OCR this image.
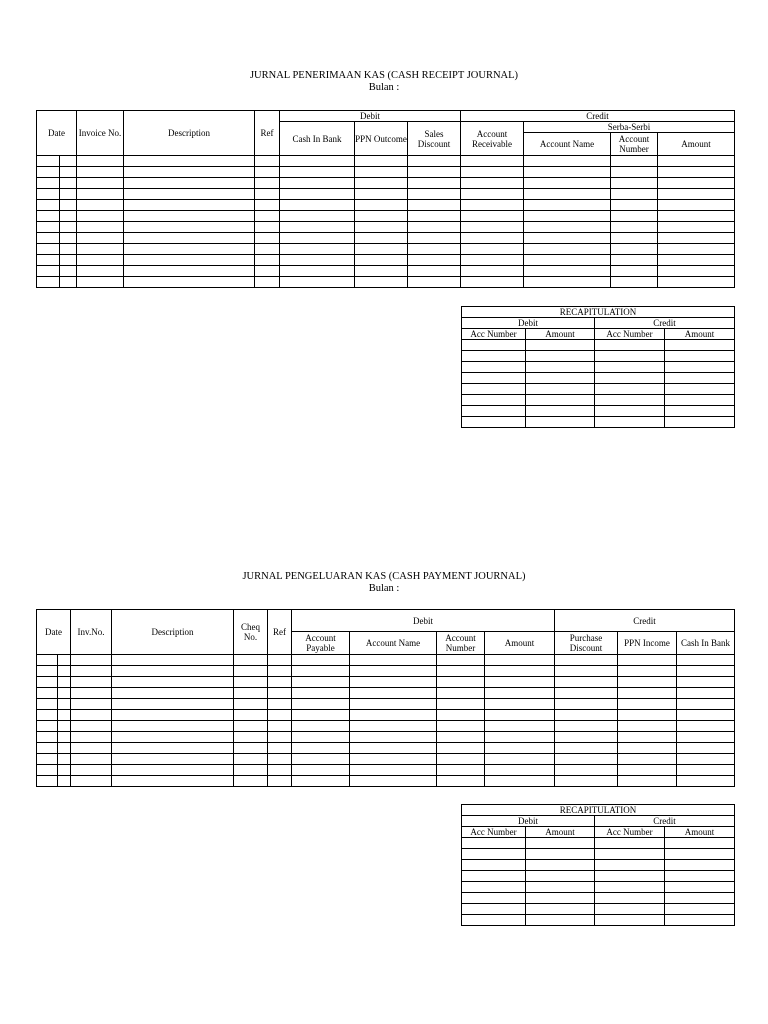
JURNAL PENERIMAAN KAS (CASH RECEIPT JOURNAL)
Bulan :
Date		Invoice No.	Description	Ref	Debit			Credit			
					Cash In Bank	PPN Outcome	Sales Discount	Account Receivable	Serba-Serbi		
									Account Name	Account Number	Amount

RECAPITULATION			
Debit		Credit	
Acc Number	Amount	Acc Number	Amount

JURNAL PENGELUARAN KAS (CASH PAYMENT JOURNAL)
Bulan :
Date		Inv.No.	Description	Cheq No.	Ref	Debit				Credit		
						Account Payable	Account Name	Account Number	Amount	Purchase Discount	PPN Income	Cash In Bank

RECAPITULATION			
Debit		Credit	
Acc Number	Amount	Acc Number	Amount
